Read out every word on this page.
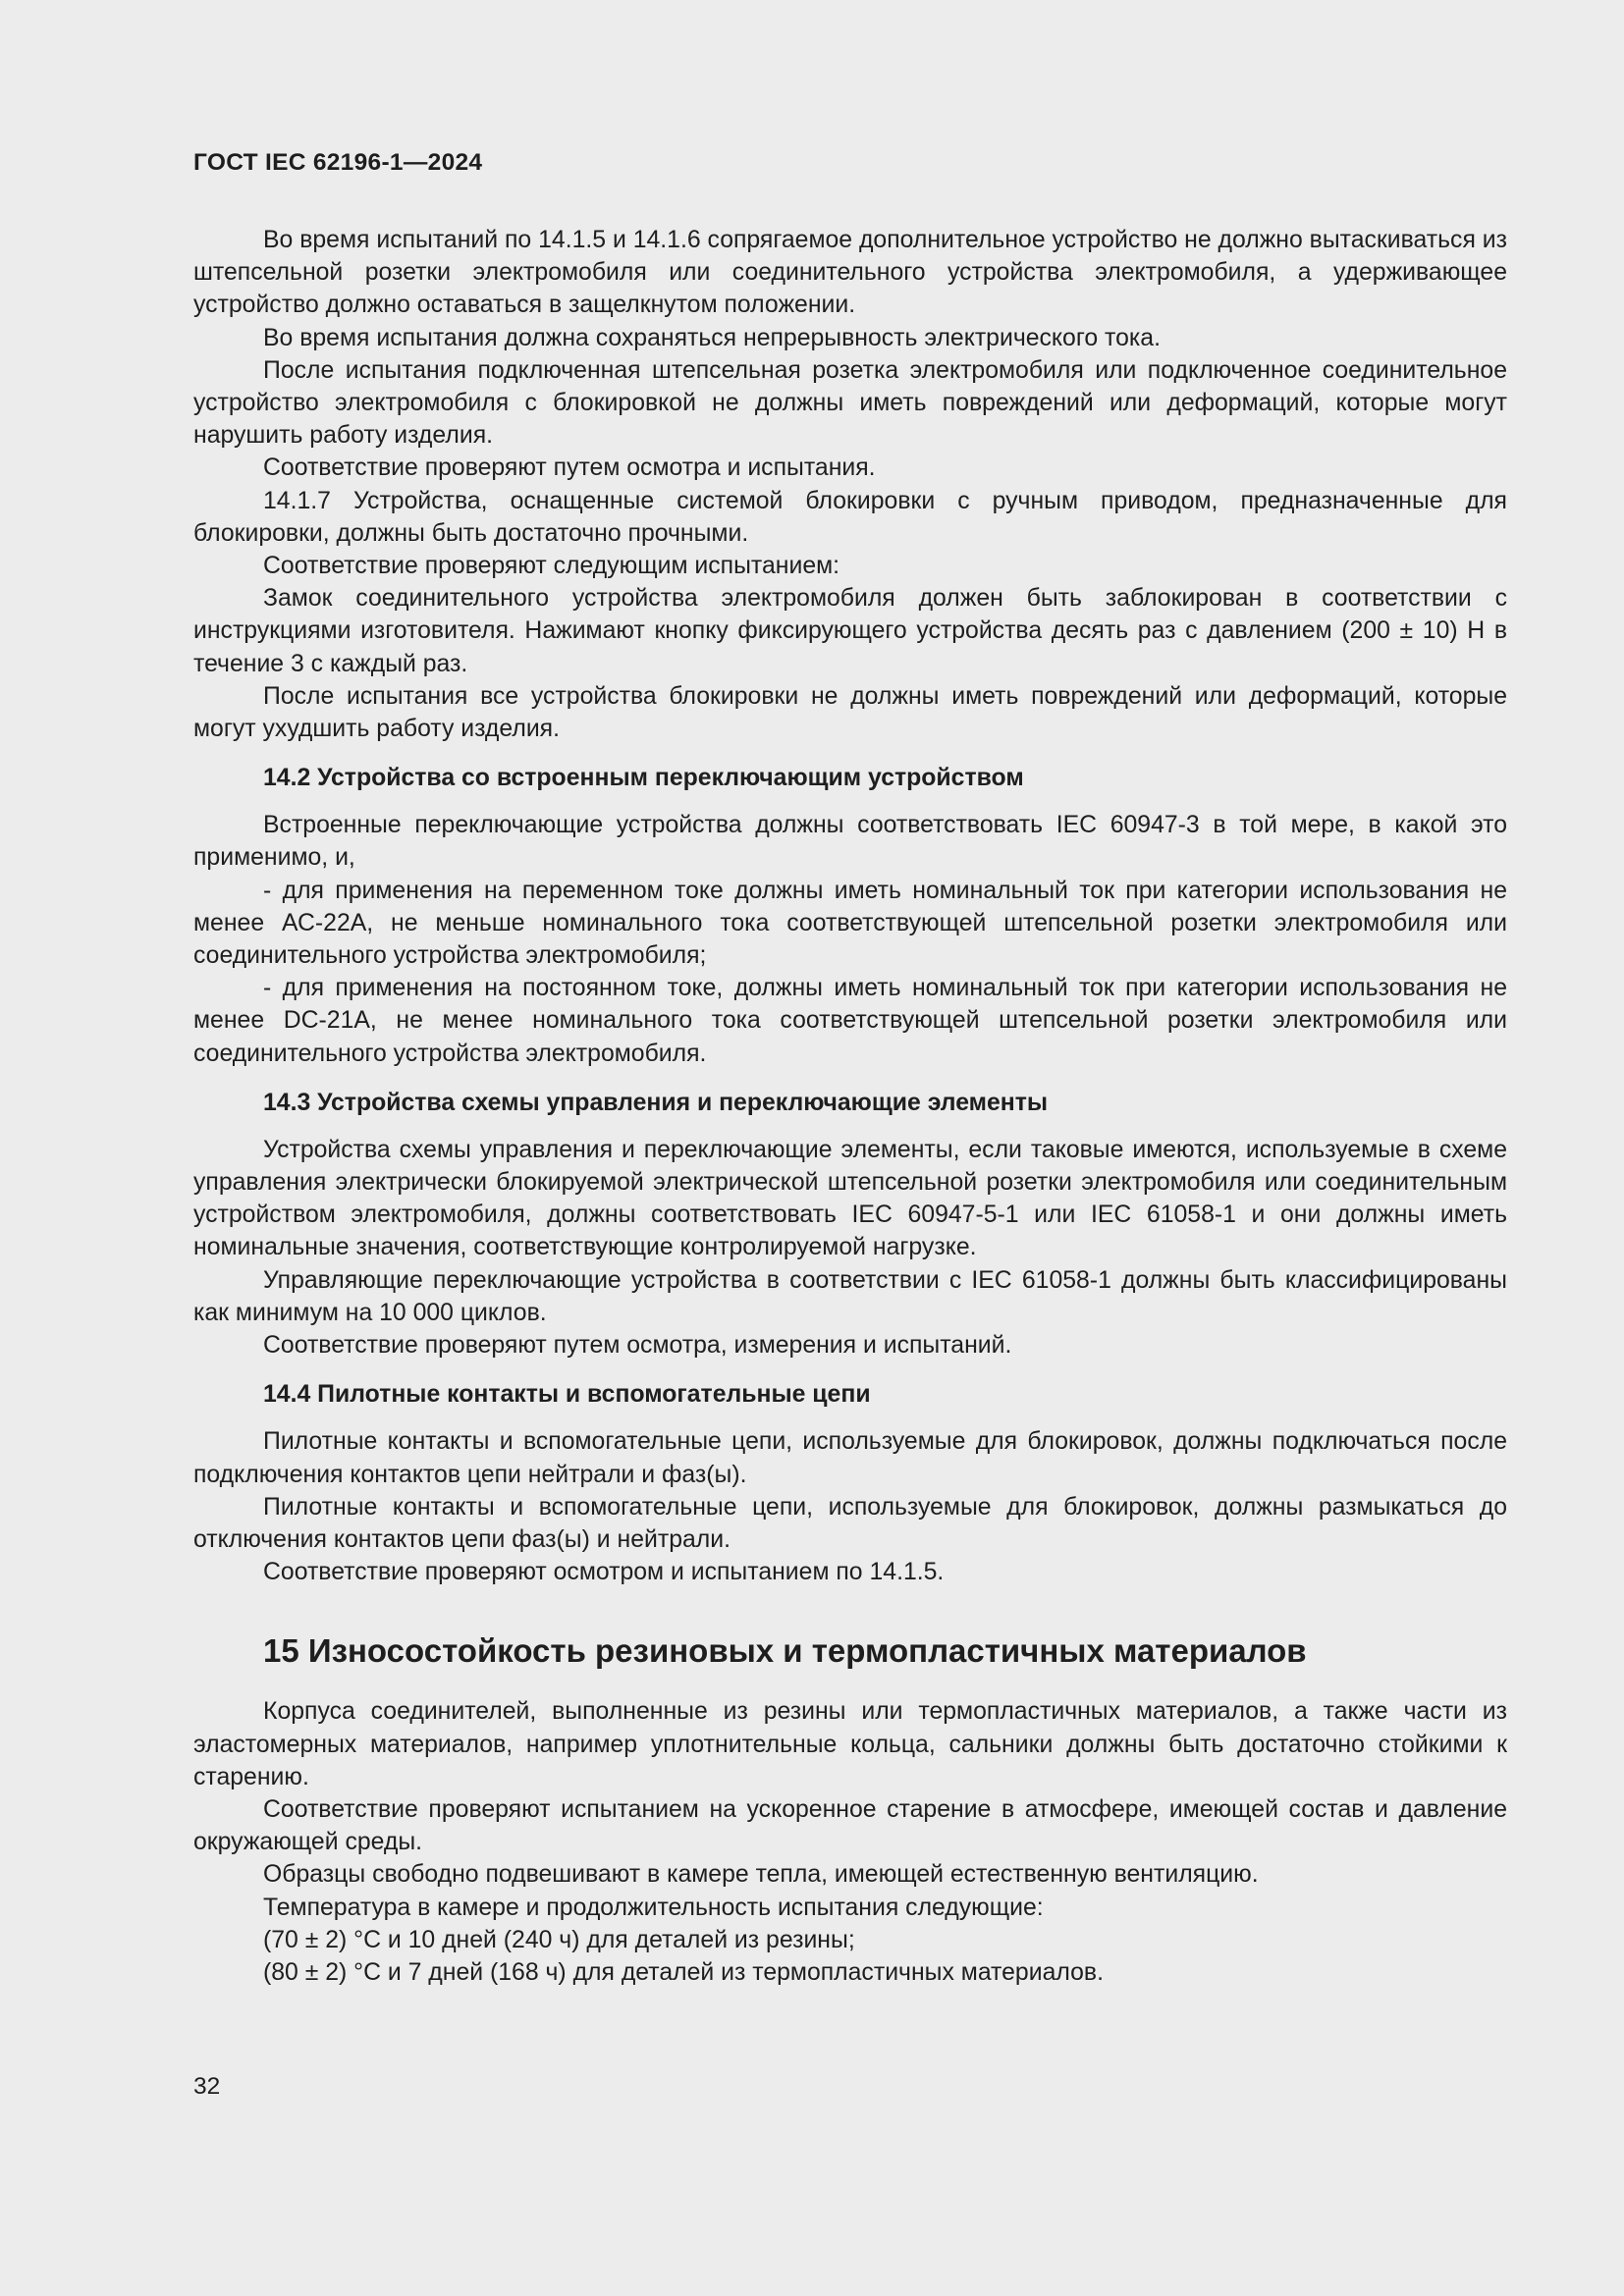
ГОСТ IEC 62196-1—2024

Во время испытаний по 14.1.5 и 14.1.6 сопрягаемое дополнительное устройство не должно вытаскиваться из штепсельной розетки электромобиля или соединительного устройства электромобиля, а удерживающее устройство должно оставаться в защелкнутом положении.

Во время испытания должна сохраняться непрерывность электрического тока.

После испытания подключенная штепсельная розетка электромобиля или подключенное соединительное устройство электромобиля с блокировкой не должны иметь повреждений или деформаций, которые могут нарушить работу изделия.

Соответствие проверяют путем осмотра и испытания.

14.1.7 Устройства, оснащенные системой блокировки с ручным приводом, предназначенные для блокировки, должны быть достаточно прочными.

Соответствие проверяют следующим испытанием:

Замок соединительного устройства электромобиля должен быть заблокирован в соответствии с инструкциями изготовителя. Нажимают кнопку фиксирующего устройства десять раз с давлением (200 ± 10) Н в течение 3 с каждый раз.

После испытания все устройства блокировки не должны иметь повреждений или деформаций, которые могут ухудшить работу изделия.

14.2 Устройства со встроенным переключающим устройством

Встроенные переключающие устройства должны соответствовать IEC 60947-3 в той мере, в какой это применимо, и,

- для применения на переменном токе должны иметь номинальный ток при категории использования не менее АС-22А, не меньше номинального тока соответствующей штепсельной розетки электромобиля или соединительного устройства электромобиля;

- для применения на постоянном токе, должны иметь номинальный ток при категории использования не менее DC-21A, не менее номинального тока соответствующей штепсельной розетки электромобиля или соединительного устройства электромобиля.

14.3 Устройства схемы управления и переключающие элементы

Устройства схемы управления и переключающие элементы, если таковые имеются, используемые в схеме управления электрически блокируемой электрической штепсельной розетки электромобиля или соединительным устройством электромобиля, должны соответствовать IEC 60947-5-1 или IEC 61058-1 и они должны иметь номинальные значения, соответствующие контролируемой нагрузке.

Управляющие переключающие устройства в соответствии с IEC 61058-1 должны быть классифицированы как минимум на 10 000 циклов.

Соответствие проверяют путем осмотра, измерения и испытаний.

14.4 Пилотные контакты и вспомогательные цепи

Пилотные контакты и вспомогательные цепи, используемые для блокировок, должны подключаться после подключения контактов цепи нейтрали и фаз(ы).

Пилотные контакты и вспомогательные цепи, используемые для блокировок, должны размыкаться до отключения контактов цепи фаз(ы) и нейтрали.

Соответствие проверяют осмотром и испытанием по 14.1.5.

15 Износостойкость резиновых и термопластичных материалов

Корпуса соединителей, выполненные из резины или термопластичных материалов, а также части из эластомерных материалов, например уплотнительные кольца, сальники должны быть достаточно стойкими к старению.

Соответствие проверяют испытанием на ускоренное старение в атмосфере, имеющей состав и давление окружающей среды.

Образцы свободно подвешивают в камере тепла, имеющей естественную вентиляцию.

Температура в камере и продолжительность испытания следующие:

(70 ± 2) °C и 10 дней (240 ч) для деталей из резины;

(80 ± 2) °C и 7 дней (168 ч) для деталей из термопластичных материалов.

32
